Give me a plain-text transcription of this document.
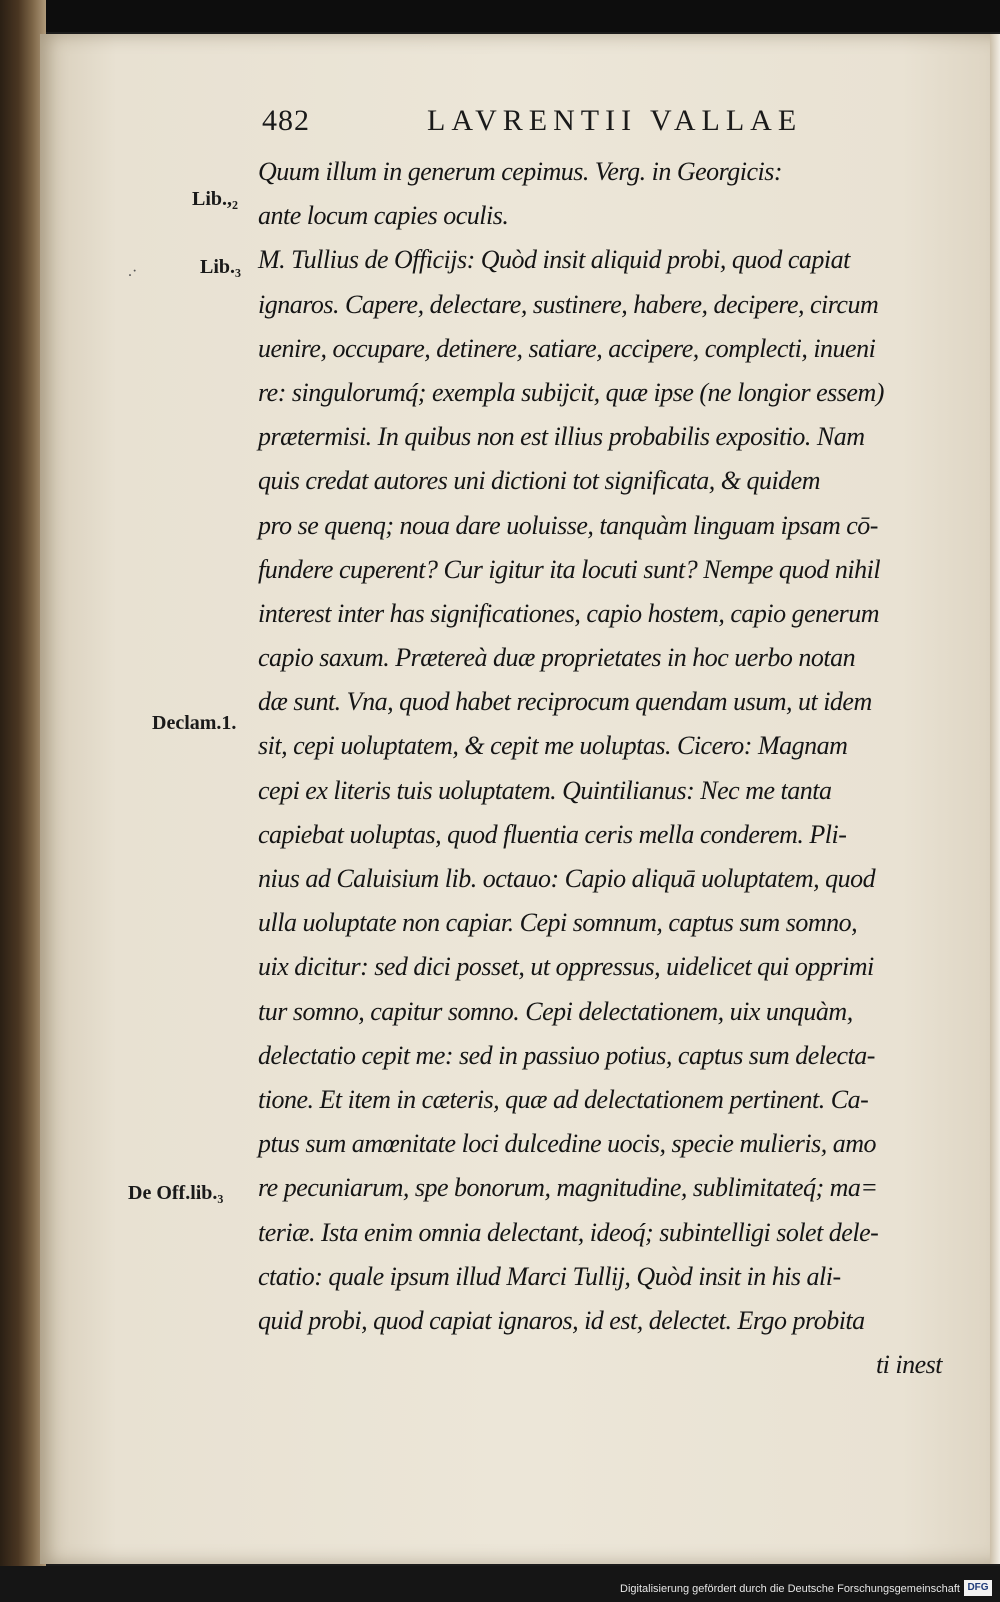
482	LAVRENTII VALLAE
Lib.,₂
.·	Lib.₃
Declam.1.
De Off.lib.₃
Quum illum in generum cepimus. Verg. in Georgicis:
ante locum capies oculis.
M. Tullius de Officijs: Quòd insit aliquid probi, quod capiat
ignaros. Capere, delectare, sustinere, habere, decipere, circum
uenire, occupare, detinere, satiare, accipere, complecti, inueni
re: singulorumq́; exempla subijcit, quæ ipse (ne longior essem)
prætermisi. In quibus non est illius probabilis expositio. Nam
quis credat autores uni dictioni tot significata, & quidem
pro se quenq; noua dare uoluisse, tanquàm linguam ipsam cō-
fundere cuperent? Cur igitur ita locuti sunt? Nempe quod nihil
interest inter has significationes, capio hostem, capio generum
capio saxum. Prætereà duæ proprietates in hoc uerbo notan
dæ sunt. Vna, quod habet reciprocum quendam usum, ut idem
sit, cepi uoluptatem, & cepit me uoluptas. Cicero: Magnam
cepi ex literis tuis uoluptatem. Quintilianus: Nec me tanta
capiebat uoluptas, quod fluentia ceris mella conderem. Pli-
nius ad Caluisium lib. octauo: Capio aliquā uoluptatem, quod
ulla uoluptate non capiar. Cepi somnum, captus sum somno,
uix dicitur: sed dici posset, ut oppressus, uidelicet qui opprimi
tur somno, capitur somno. Cepi delectationem, uix unquàm,
delectatio cepit me: sed in passiuo potius, captus sum delecta-
tione. Et item in cæteris, quæ ad delectationem pertinent. Ca-
ptus sum amœnitate loci dulcedine uocis, specie mulieris, amo
re pecuniarum, spe bonorum, magnitudine, sublimitateq́; ma=
teriæ. Ista enim omnia delectant, ideoq́; subintelligi solet dele-
ctatio: quale ipsum illud Marci Tullij, Quòd insit in his ali-
quid probi, quod capiat ignaros, id est, delectet. Ergo probita
ti inest
Digitalisierung gefördert durch die Deutsche Forschungsgemeinschaft DFG
